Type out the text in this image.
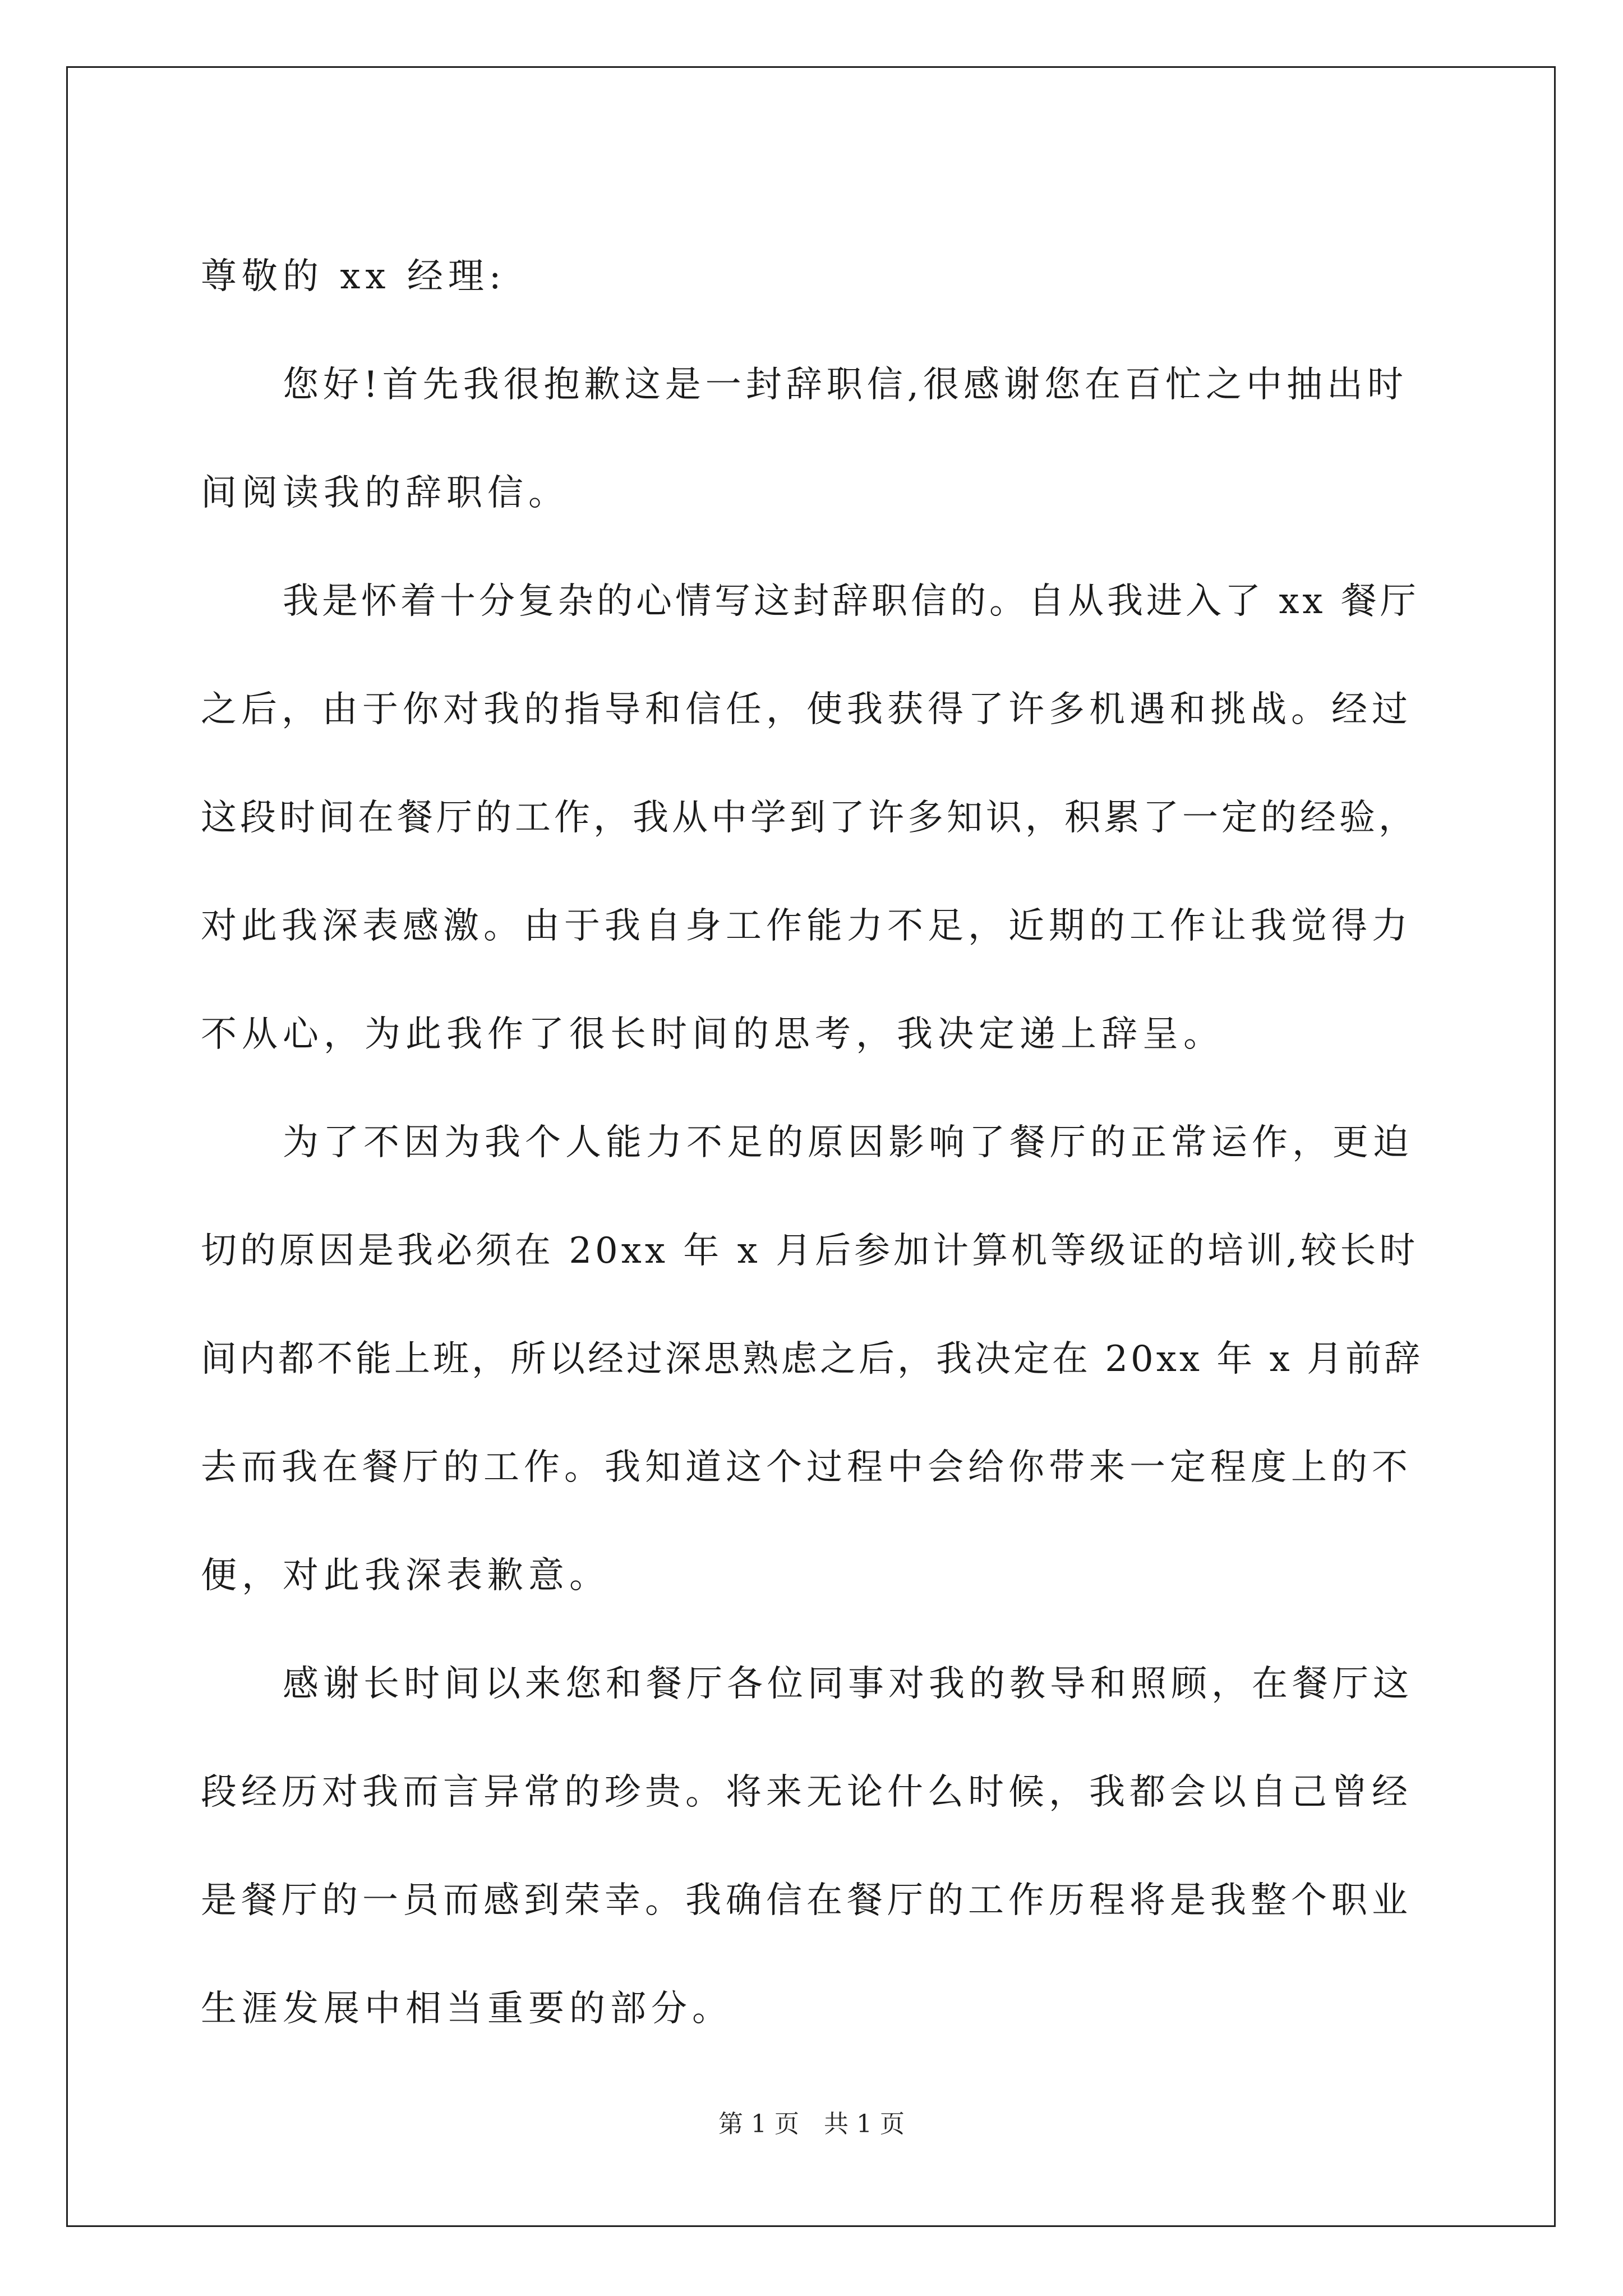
尊敬的 xx 经理:
您好!首先我很抱歉这是一封辞职信,很感谢您在百忙之中抽出时
间阅读我的辞职信。
我是怀着十分复杂的心情写这封辞职信的。自从我进入了 xx 餐厅
之后，由于你对我的指导和信任，使我获得了许多机遇和挑战。经过
这段时间在餐厅的工作，我从中学到了许多知识，积累了一定的经验，
对此我深表感激。由于我自身工作能力不足，近期的工作让我觉得力
不从心，为此我作了很长时间的思考，我决定递上辞呈。
为了不因为我个人能力不足的原因影响了餐厅的正常运作，更迫
切的原因是我必须在 20xx 年 x 月后参加计算机等级证的培训,较长时
间内都不能上班，所以经过深思熟虑之后，我决定在 20xx 年 x 月前辞
去而我在餐厅的工作。我知道这个过程中会给你带来一定程度上的不
便，对此我深表歉意。
感谢长时间以来您和餐厅各位同事对我的教导和照顾，在餐厅这
段经历对我而言异常的珍贵。将来无论什么时候，我都会以自己曾经
是餐厅的一员而感到荣幸。我确信在餐厅的工作历程将是我整个职业
生涯发展中相当重要的部分。
第 1 页　共 1 页
